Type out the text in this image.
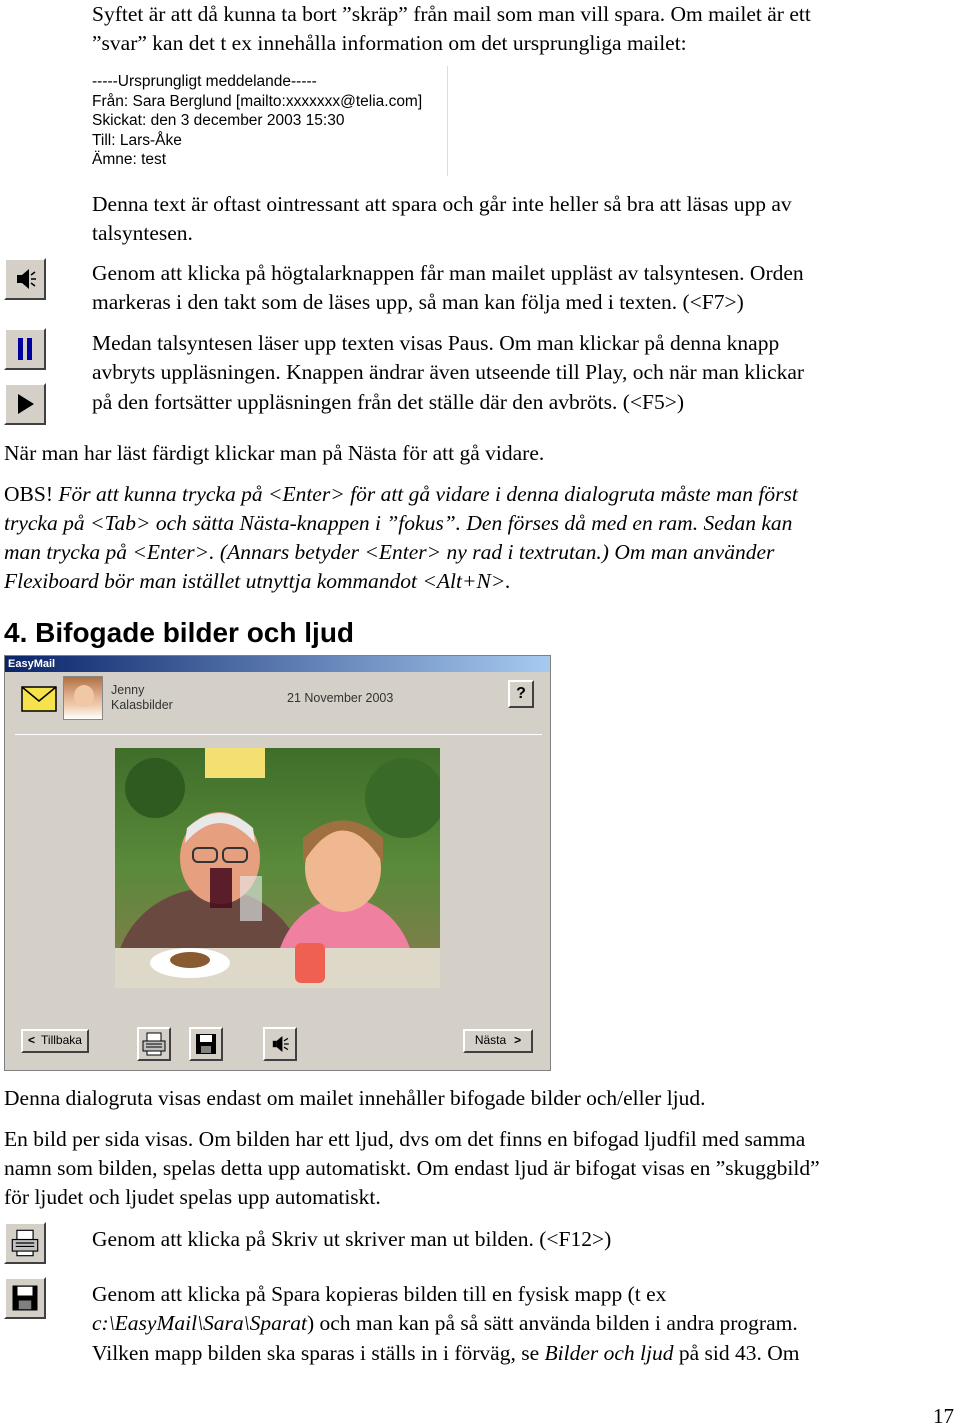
Syftet är att då kunna ta bort ”skräp” från mail som man vill spara. Om mailet är ett
”svar” kan det t ex innehålla information om det ursprungliga mailet:
-----Ursprungligt meddelande-----
Från: Sara Berglund [mailto:xxxxxxx@telia.com]
Skickat: den 3 december 2003 15:30
Till: Lars-Åke
Ämne: test
Denna text är oftast ointressant att spara och går inte heller så bra att läsas upp av
talsyntesen.
Genom att klicka på högtalarknappen får man mailet uppläst av talsyntesen. Orden
markeras i den takt som de läses upp, så man kan följa med i texten. (<F7>)
Medan talsyntesen läser upp texten visas Paus. Om man klickar på denna knapp
avbryts uppläsningen. Knappen ändrar även utseende till Play, och när man klickar
på den fortsätter uppläsningen från det ställe där den avbröts. (<F5>)
När man har läst färdigt klickar man på Nästa för att gå vidare.
OBS! För att kunna trycka på <Enter> för att gå vidare i denna dialogruta måste man först
trycka på <Tab> och sätta Nästa-knappen i ”fokus”. Den förses då med en ram. Sedan kan
man trycka på <Enter>. (Annars betyder <Enter> ny rad i textrutan.) Om man använder
Flexiboard bör man istället utnyttja kommandot <Alt+N>.
4. Bifogade bilder och ljud
EasyMail
Jenny
Kalasbilder	21 November 2003	?
< Tillbaka	Nästa >
Denna dialogruta visas endast om mailet innehåller bifogade bilder och/eller ljud.
En bild per sida visas. Om bilden har ett ljud, dvs om det finns en bifogad ljudfil med samma
namn som bilden, spelas detta upp automatiskt. Om endast ljud är bifogat visas en ”skuggbild”
för ljudet och ljudet spelas upp automatiskt.
Genom att klicka på Skriv ut skriver man ut bilden. (<F12>)
Genom att klicka på Spara kopieras bilden till en fysisk mapp (t ex
c:\EasyMail\Sara\Sparat) och man kan på så sätt använda bilden i andra program.
Vilken mapp bilden ska sparas i ställs in i förväg, se Bilder och ljud på sid 43. Om
17
